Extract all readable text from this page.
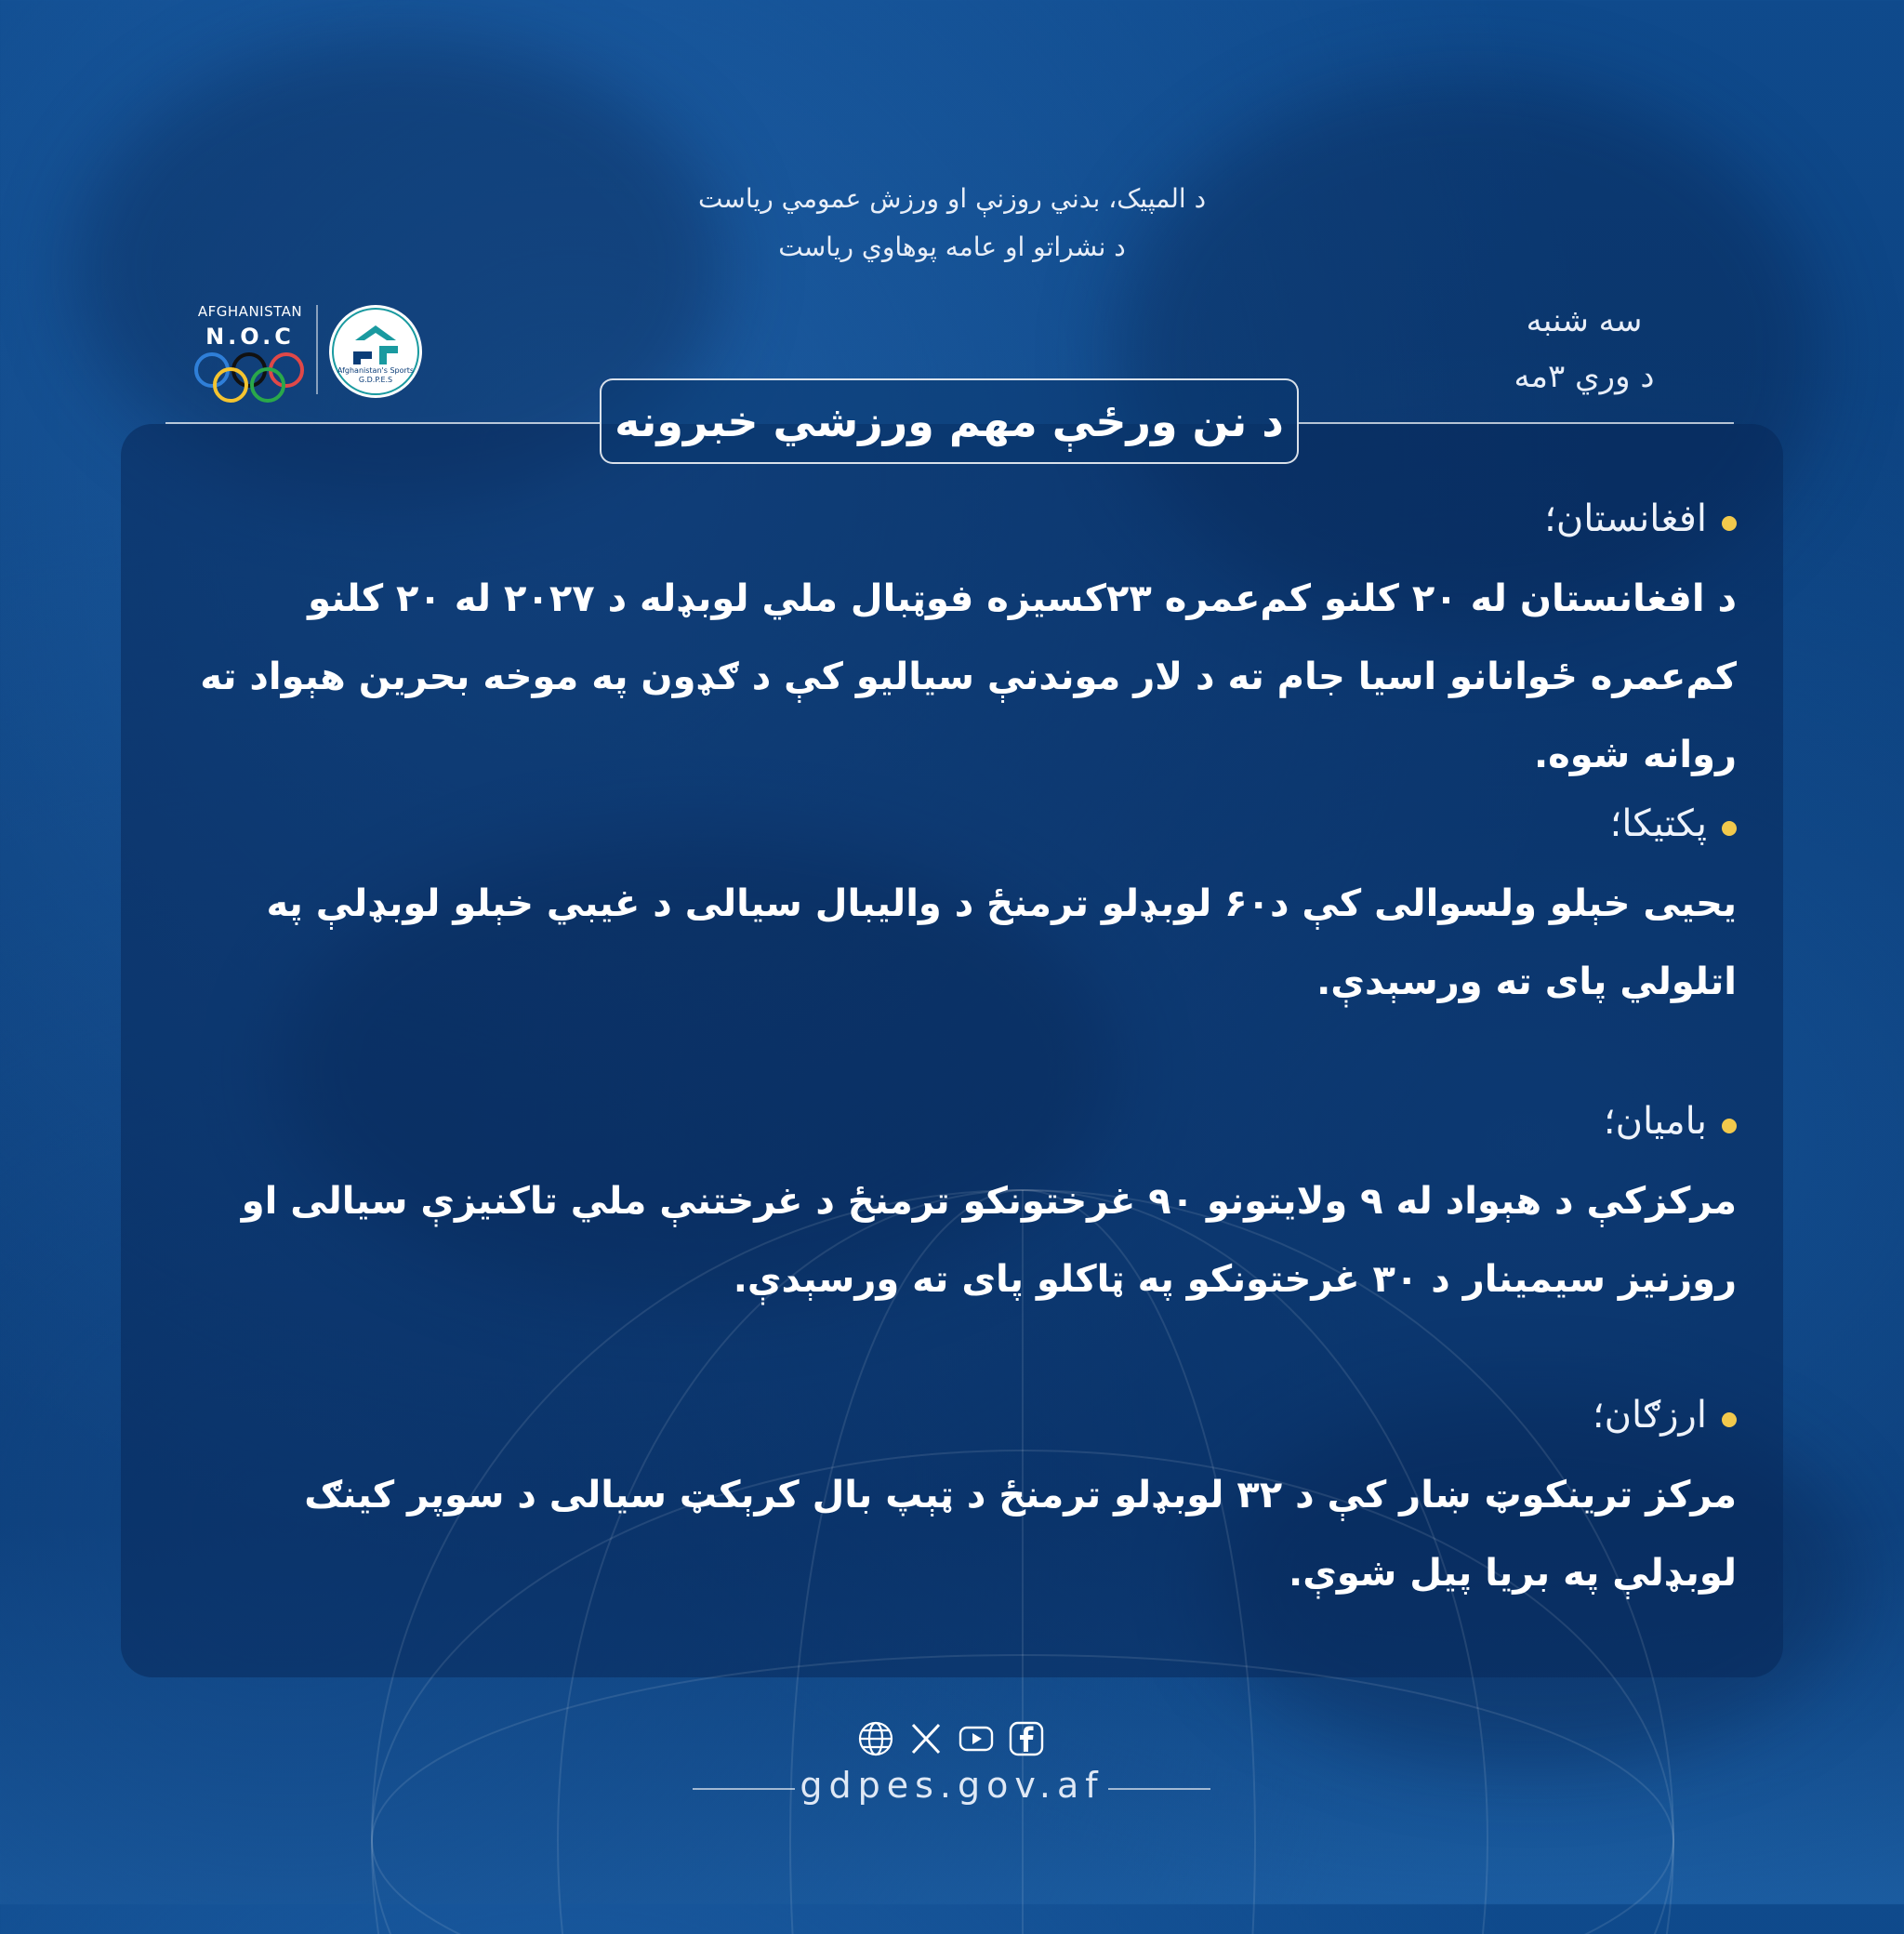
د المپیک، بدني روزنې او ورزش عمومي ریاست
د نشراتو او عامه پوهاوي ریاست
AFGHANISTAN
N.O.C
Afghanistan's Sports G.D.P.E.S
سه شنبه
د وري ۳مه
د نن ورځې مهم ورزشي خبرونه
افغانستان؛
د افغانستان له ۲۰ کلنو کم‌عمره ۲۳کسیزه فوټبال ملي لوبډله د ۲۰۲۷ له ۲۰ کلنو کم‌عمره ځوانانو اسیا جام ته د لار موندنې سیالیو کې د ګډون په موخه بحرین هېواد ته روانه شوه.
پکتیکا؛
یحیی خېلو ولسوالی کې د۶۰ لوبډلو ترمنځ د والیبال سیالی د غیبي خېلو لوبډلې په اتلولي پای ته ورسېدې.
بامیان؛
مرکزکې د هېواد له ۹ ولایتونو ۹۰ غرختونکو ترمنځ د غرختنې ملي تاکنیزې سیالی او روزنیز سیمینار د ۳۰ غرختونکو په ټاکلو پای ته ورسېدې.
ارزګان؛
مرکز ترینکوټ ښار کې د ۳۲ لوبډلو ترمنځ د ټېپ بال کرېکټ سیالی د سوپر کینګ لوبډلې په بریا پیل شوې.
gdpes.gov.af
